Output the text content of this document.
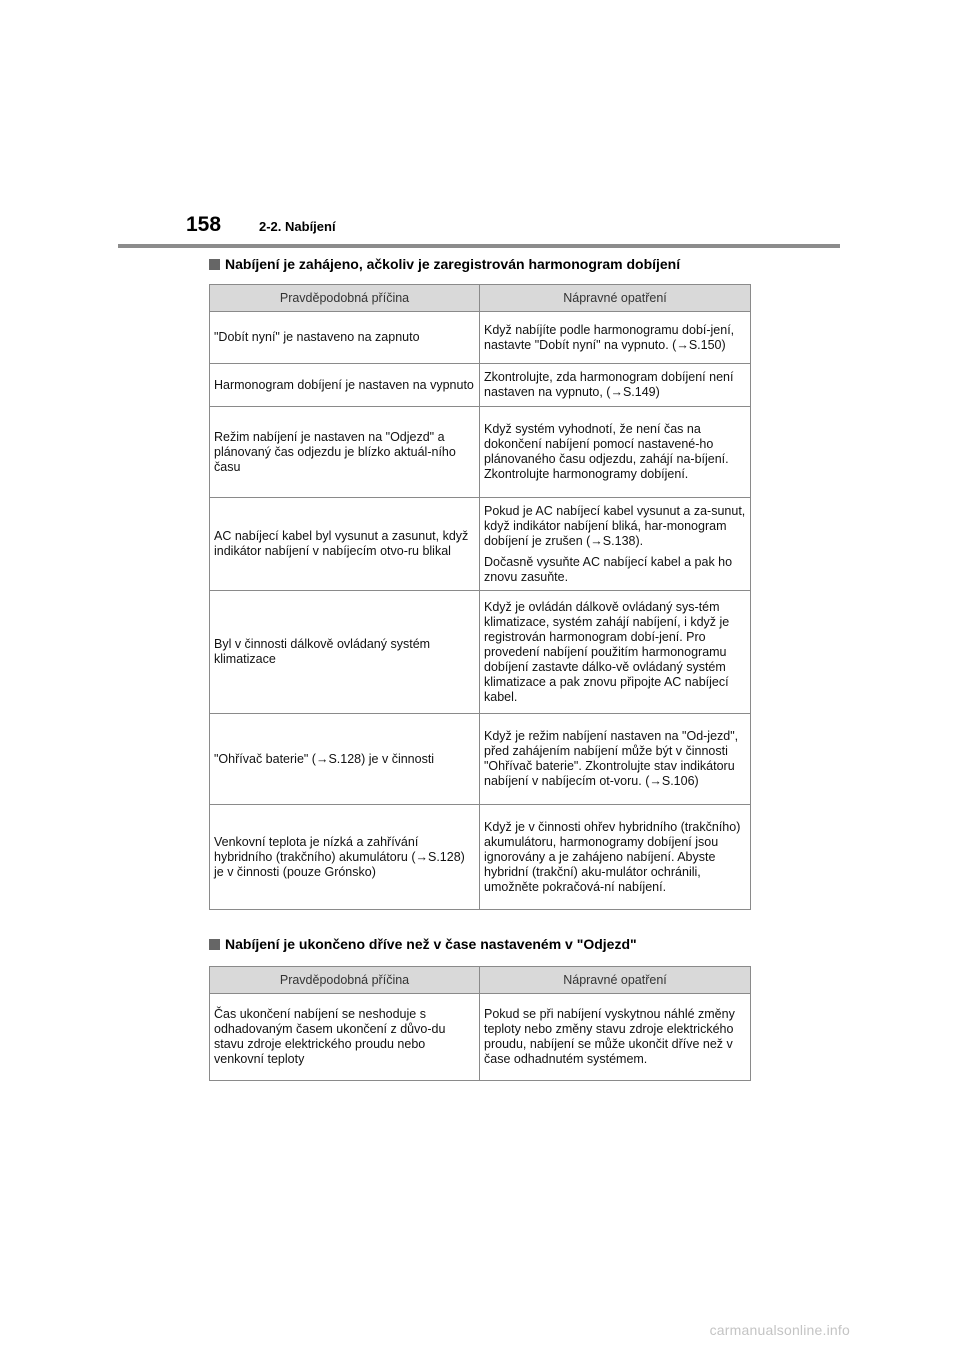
158	2-2. Nabíjení
Nabíjení je zahájeno, ačkoliv je zaregistrován harmonogram dobíjení
Pravděpodobná příčina	Nápravné opatření
"Dobít nyní" je nastaveno na zapnuto	Když nabíjíte podle harmonogramu dobí-jení, nastavte "Dobít nyní" na vypnuto. (→S.150)

Harmonogram dobíjení je nastaven na vypnuto	Zkontrolujte, zda harmonogram dobíjení není nastaven na vypnuto, (→S.149)

Režim nabíjení je nastaven na "Odjezd" a plánovaný čas odjezdu je blízko aktuál-ního času	Když systém vyhodnotí, že není čas na dokončení nabíjení pomocí nastavené-ho plánovaného času odjezdu, zahájí na-bíjení. Zkontrolujte harmonogramy dobíjení.

AC nabíjecí kabel byl vysunut a zasunut, když indikátor nabíjení v nabíjecím otvo-ru blikal	Pokud je AC nabíjecí kabel vysunut a za-sunut, když indikátor nabíjení bliká, har-monogram dobíjení je zrušen (→S.138).
Dočasně vysuňte AC nabíjecí kabel a pak ho znovu zasuňte.

Byl v činnosti dálkově ovládaný systém klimatizace	Když je ovládán dálkově ovládaný sys-tém klimatizace, systém zahájí nabíjení, i když je registrován harmonogram dobí-jení. Pro provedení nabíjení použitím harmonogramu dobíjení zastavte dálko-vě ovládaný systém klimatizace a pak znovu připojte AC nabíjecí kabel.

"Ohřívač baterie" (→S.128) je v činnosti	Když je režim nabíjení nastaven na "Od-jezd", před zahájením nabíjení může být v činnosti "Ohřívač baterie". Zkontrolujte stav indikátoru nabíjení v nabíjecím ot-voru. (→S.106)

Venkovní teplota je nízká a zahřívání hybridního (trakčního) akumulátoru (→S.128) je v činnosti (pouze Grónsko)	Když je v činnosti ohřev hybridního (trakčního) akumulátoru, harmonogramy dobíjení jsou ignorovány a je zahájeno nabíjení. Abyste hybridní (trakční) aku-mulátor ochránili, umožněte pokračová-ní nabíjení.
Nabíjení je ukončeno dříve než v čase nastaveném v "Odjezd"
Pravděpodobná příčina	Nápravné opatření
Čas ukončení nabíjení se neshoduje s odhadovaným časem ukončení z důvo-du stavu zdroje elektrického proudu nebo venkovní teploty	Pokud se při nabíjení vyskytnou náhlé změny teploty nebo změny stavu zdroje elektrického proudu, nabíjení se může ukončit dříve než v čase odhadnutém systémem.
carmanualsonline.info
